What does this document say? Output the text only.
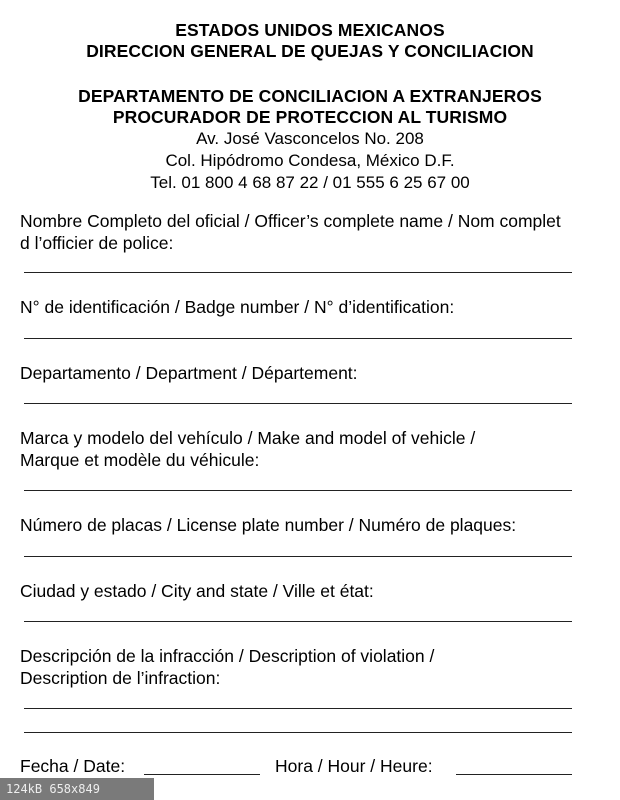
ESTADOS UNIDOS MEXICANOS
DIRECCION GENERAL DE QUEJAS Y CONCILIACION
DEPARTAMENTO DE CONCILIACION A EXTRANJEROS
PROCURADOR DE PROTECCION AL TURISMO
Av. José Vasconcelos No. 208
Col. Hipódromo Condesa, México D.F.
Tel. 01 800 4 68 87 22 / 01 555 6 25 67 00
Nombre Completo del oficial / Officer’s complete name / Nom complet
d l’officier de police:
N° de identificación / Badge number / N° d’identification:
Departamento / Department / Département:
Marca y modelo del vehículo / Make and model of vehicle /
Marque et modèle du véhicule:
Número de placas / License plate number / Numéro de plaques:
Ciudad y estado / City and state / Ville et état:
Descripción de la infracción / Description of violation /
Description de l’infraction:
Fecha / Date:	Hora / Hour / Heure:
124kB 658x849
